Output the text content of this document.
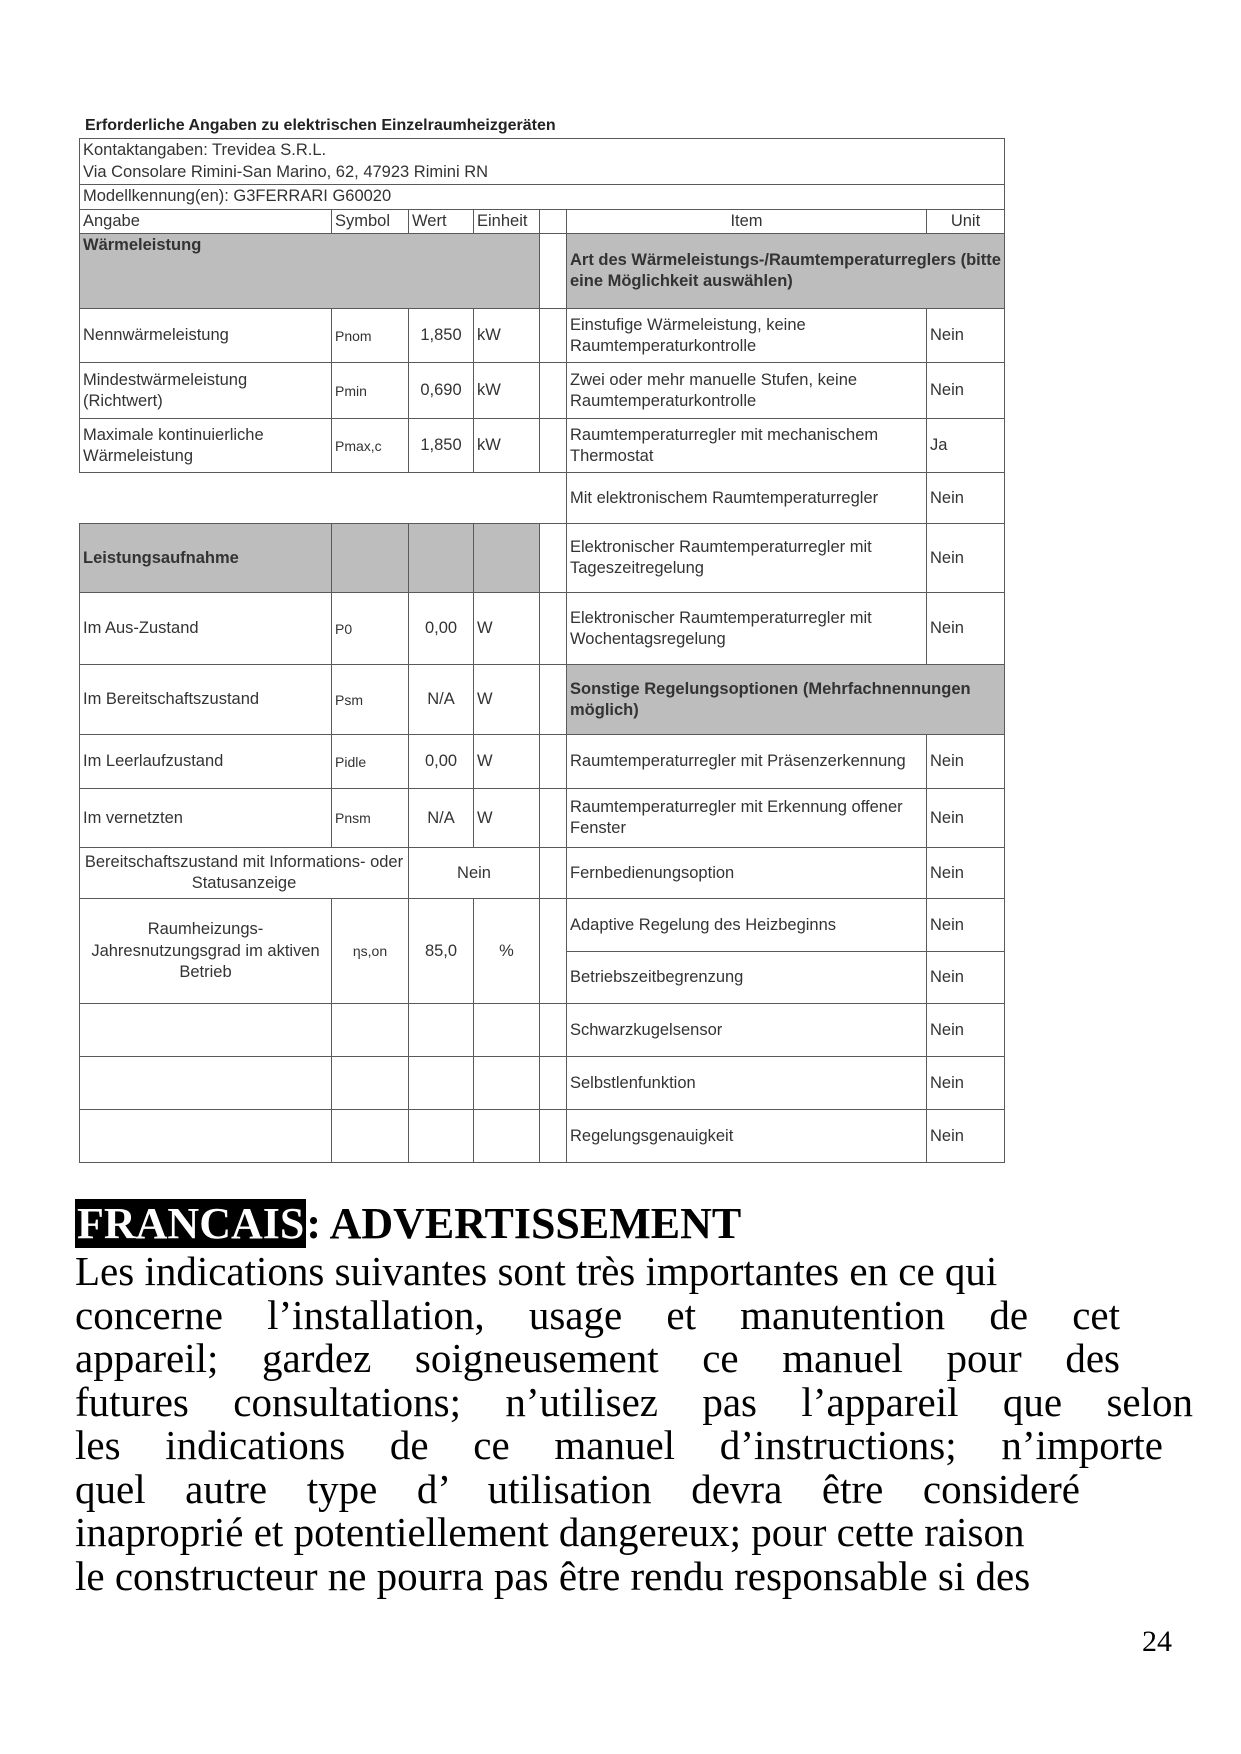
Erforderliche Angaben zu elektrischen Einzelraumheizgeräten
Kontaktangaben: Trevidea S.R.L.
Via Consolare Rimini-San Marino, 62, 47923 Rimini RN						
Modellkennung(en): G3FERRARI G60020						
Angabe	Symbol	Wert	Einheit		Item	Unit
Wärmeleistung					Art des Wärmeleistungs-/Raumtemperaturreglers (bitte eine Möglichkeit auswählen)	
Nennwärmeleistung	Pnom	1,850	kW		Einstufige Wärmeleistung, keine Raumtemperaturkontrolle	Nein
Mindestwärmeleistung (Richtwert)	Pmin	0,690	kW		Zwei oder mehr manuelle Stufen, keine Raumtemperaturkontrolle	Nein
Maximale kontinuierliche Wärmeleistung	Pmax,c	1,850	kW		Raumtemperaturregler mit mechanischem Thermostat	Ja
					Mit elektronischem Raumtemperaturregler	Nein
Leistungsaufnahme					Elektronischer Raumtemperaturregler mit Tageszeitregelung	Nein
Im Aus-Zustand	P0	0,00	W		Elektronischer Raumtemperaturregler mit Wochentagsregelung	Nein
Im Bereitschaftszustand	Psm	N/A	W		Sonstige Regelungsoptionen (Mehrfachnennungen möglich)	
Im Leerlaufzustand	Pidle	0,00	W		Raumtemperaturregler mit Präsenzerkennung	Nein
Im vernetzten	Pnsm	N/A	W		Raumtemperaturregler mit Erkennung offener Fenster	Nein
Bereitschaftszustand mit Informations- oder Statusanzeige		Nein			Fernbedienungsoption	Nein
Raumheizungs-Jahresnutzungsgrad im aktiven Betrieb	ηs,on	85,0	%		Adaptive Regelung des Heizbeginns	Nein
					Betriebszeitbegrenzung	Nein
					Schwarzkugelsensor	Nein
					Selbstlenfunktion	Nein
					Regelungsgenauigkeit	Nein
FRANCAIS: ADVERTISSEMENT
Les indications suivantes sont très importantes en ce qui
concerne l’installation, usage et manutention de cet
appareil; gardez soigneusement ce manuel pour des
futures consultations; n’utilisez pas l’appareil que selon
les indications de ce manuel d’instructions; n’importe
quel autre type d’ utilisation devra être consideré
inaproprié et potentiellement dangereux; pour cette raison
le constructeur ne pourra pas être rendu responsable si des
24
